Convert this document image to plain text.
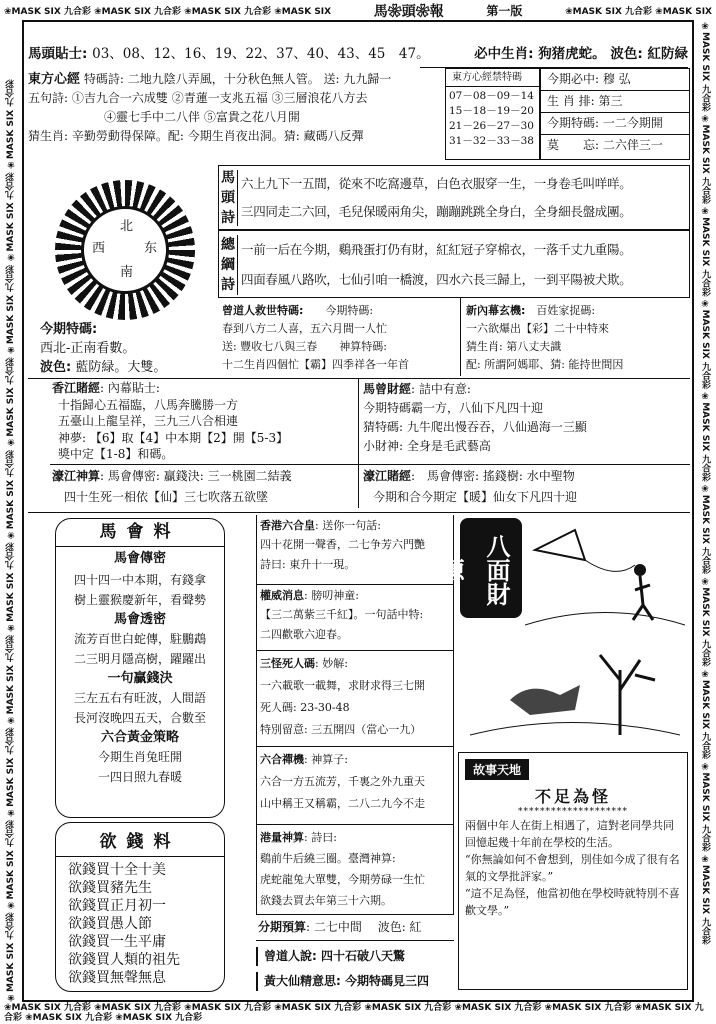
❀MASK SIX 九合彩 ❀MASK SIX 九合彩 ❀MASK SIX 九合彩 ❀MASK SIX	馬❀頭❀報	第一版	❀MASK SIX 九合彩 ❀MASK SIX
❀MASK SIX 九合彩 ❀MASK SIX 九合彩 ❀MASK SIX 九合彩 ❀MASK SIX 九合彩 ❀MASK SIX 九合彩 ❀MASK SIX 九合彩 ❀MASK SIX 九合彩 ❀MASK SIX 九合彩 ❀MASK SIX 九合彩 ❀MASK SIX 九合彩	❀MASK SIX 九合彩 ❀MASK SIX 九合彩 ❀MASK SIX 九合彩 ❀MASK SIX 九合彩 ❀MASK SIX 九合彩 ❀MASK SIX 九合彩 ❀MASK SIX 九合彩 ❀MASK SIX 九合彩 ❀MASK SIX 九合彩 ❀MASK SIX 九合彩
❀MASK SIX 九合彩 ❀MASK SIX 九合彩 ❀MASK SIX 九合彩 ❀MASK SIX 九合彩 ❀MASK SIX 九合彩 ❀MASK SIX 九合彩 ❀MASK SIX 九合彩 ❀MASK SIX 九合彩 ❀MASK SIX 九合彩 ❀MASK SIX 九合彩
馬頭貼士: 03、08、12、16、19、22、37、40、43、45　47。	必中生肖: 狗猪虎蛇。 波色: 紅防緑
東方心經 特碼詩: 二地九陰八弄風，十分秋色無人管。 送: 九九歸一
五句詩: ①吉九合一六成雙 ②青蓮一支兆五福 ③三層浪花八方去
④靈七手中二八伴 ⑤富貴之花八月開
猜生肖: 辛勤勞動得保障。配: 今期生肖夜出洞。猜: 藏碼八反彈
東方心經禁特碼
07－08－09－14
15－18－19－20
21－26－27－30
31－32－33－38
今期必中: 穆 弘
生 肖 排: 第三
今期特碼: 一二今期開
莫　　忘: 二六伴三一
北
西	东
南
今期特碼:
西北-正南看數。
波色: 藍防緑。大雙。
馬頭詩
六上九下一五間，從來不吃窩邊草，白色衣服穿一生，一身卷毛叫咩咩。
三四同走二六回，毛兒保暖兩角尖，蹦蹦跳跳全身白，全身細長盤成團。
總綱詩
一前一后在今期，鷄飛蛋打仍有財，紅紅冠子穿棉衣，一落千丈九重陽。
四面春風八路吹，七仙引咱一橋渡，四水六長三歸上，一到平陽被犬欺。
曾道人救世特碼:　　 今期特碼:
春到八方二人喜，五六月間一人忙
送: 豐收七八與三春　　神算特碼:
十二生肖四個忙【霸】四季祥各一年首
新內幕玄機:　 百姓家捉碼:
一六欲爆出【彩】二十中特來
猜生肖: 第八丈夫識
配: 所謂阿媽耶、猜: 能持世間因
香江賭經: 內幕貼士:
十指歸心五福臨，八馬奔騰勝一方
五臺山上龍呈祥，三九三八合相連
神夢: 【6】取【4】中本期【2】開【5-3】
獎中定【1-8】和碼。
馬曾財經: 詰中有意:
今期特碼霸一方，八仙下凡四十迎
猜特碼: 九牛爬出慢吞吞，八仙過海一三顯
小財神: 全身是毛武藝高
濠江神算: 馬會傳密: 贏錢決: 三一桃園二結義
四十生死一相依【仙】三七吹落五欲墜
濠江賭經:　馬會傳密: 搖錢樹: 水中聖物
今期和合今期定【暖】仙女下凡四十迎
馬會料
馬會傳密
四十四一中本期，有錢拿
樹上靈猴慶新年，看聲勢
馬會透密
流芳百世白蛇傳，駐鵬鵡
二三明月隱高樹，躍躍出
一句贏錢決
三左五右有旺波，人間語
長河沒晚四五天，合數至
六合黃金策略
今期生肖兔旺開
一四日照九春暖
欲錢料
欲錢買十全十美
欲錢買豬先生
欲錢買正月初一
欲錢買愚人節
欲錢買一生平庸
欲錢買人類的祖先
欲錢買無聲無息
香港六合皇: 送你一句話:
四十花開一聲香，二七争芳六門艷
詩曰: 東升十一現。
權威消息: 膀叨神童:
【三二萬紫三千紅】。一句話中特:
二四歡歌六迎春。
三怪死人碼: 妙解:
一六載歌一載舞，求財求得三七開
死人碼: 23-30-48
特別留意: 三五開四（當心一九）
六合禪機: 神算子:
六合一方五流芳，千裏之外九重天
山中稱王又稱霸，二八二九今不走
港量神算: 詩曰:
鷄前牛后繞三圈。臺灣神算:
虎蛇龍兔大單雙，今期勞碌一生忙
欲錢去買去年第三十六期。
分期預算: 二七中間　 波色: 紅
曾道人說: 四十石破八天驚
黃大仙精意思: 今期特碼見三四
八面財源
故事天地
不足為怪
********************
兩個中年人在街上相遇了，這對老同學共同回憶起幾十年前在學校的生活。
“你無論如何不會想到，別佳如今成了很有名氣的文學批評家。”
“這不足為怪，他當初他在學校時就特別不喜歡文學。”
